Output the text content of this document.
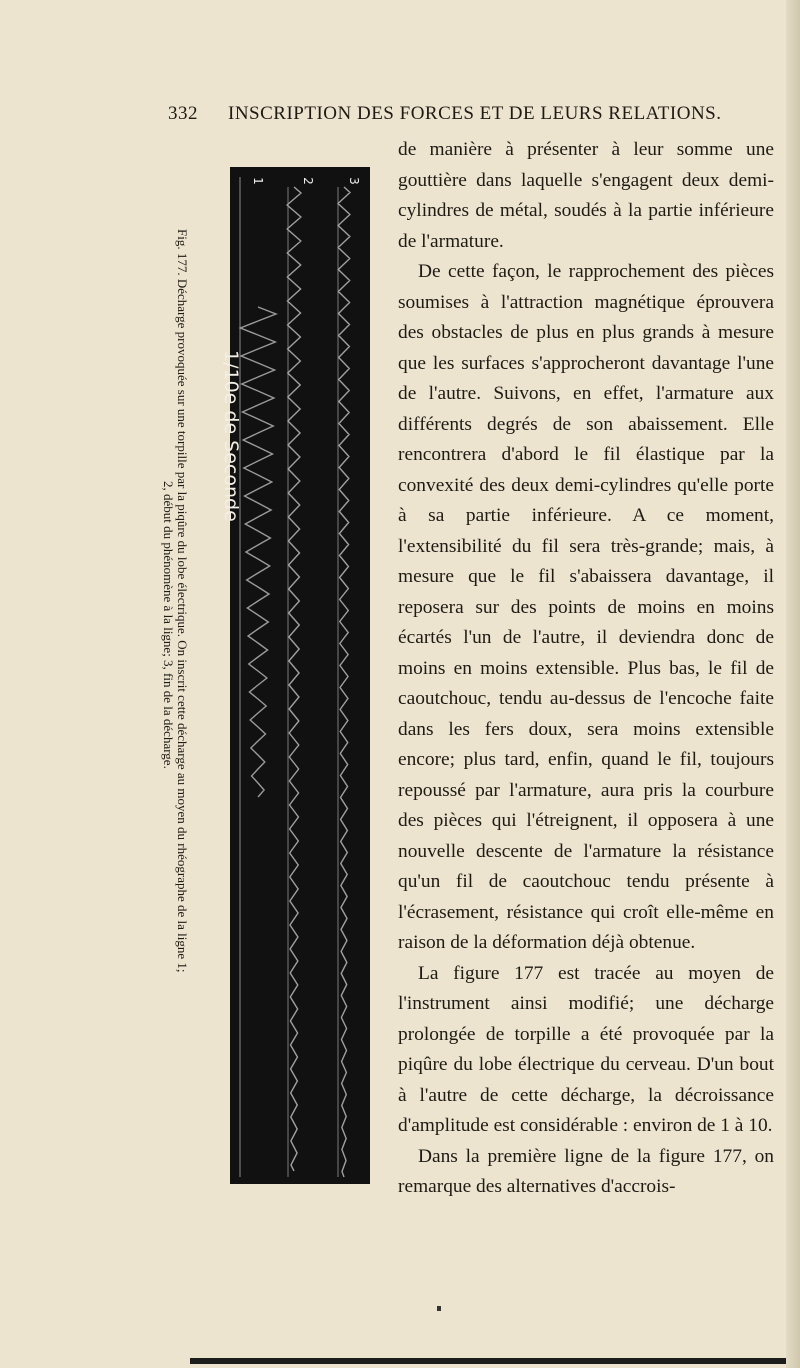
332 INSCRIPTION DES FORCES ET DE LEURS RELATIONS.
Fig. 177. Décharge provoquée sur une torpille par la piqûre du lobe électrique. On inscrit cette décharge au moyen du rhéographe de la ligne 1;
2, début du phénomène à la ligne; 3, fin de la décharge.
1	2	3
1/10e de Seconde

de manière à présenter à leur somme une gouttière dans laquelle s'engagent deux demi-cylindres de métal, soudés à la partie inférieure de l'armature.

De cette façon, le rapprochement des pièces soumises à l'attraction magnétique éprouvera des obstacles de plus en plus grands à mesure que les surfaces s'approcheront davantage l'une de l'autre. Suivons, en effet, l'armature aux différents degrés de son abaissement. Elle rencontrera d'abord le fil élastique par la convexité des deux demi-cylindres qu'elle porte à sa partie inférieure. A ce moment, l'extensibilité du fil sera très-grande; mais, à mesure que le fil s'abaissera davantage, il reposera sur des points de moins en moins écartés l'un de l'autre, il deviendra donc de moins en moins extensible. Plus bas, le fil de caoutchouc, tendu au-dessus de l'encoche faite dans les fers doux, sera moins extensible encore; plus tard, enfin, quand le fil, toujours repoussé par l'armature, aura pris la courbure des pièces qui l'étreignent, il opposera à une nouvelle descente de l'armature la résistance qu'un fil de caoutchouc tendu présente à l'écrasement, résistance qui croît elle-même en raison de la déformation déjà obtenue.

La figure 177 est tracée au moyen de l'instrument ainsi modifié; une décharge prolongée de torpille a été provoquée par la piqûre du lobe électrique du cerveau. D'un bout à l'autre de cette décharge, la décroissance d'amplitude est considérable : environ de 1 à 10.

Dans la première ligne de la figure 177, on remarque des alternatives d'accrois-
